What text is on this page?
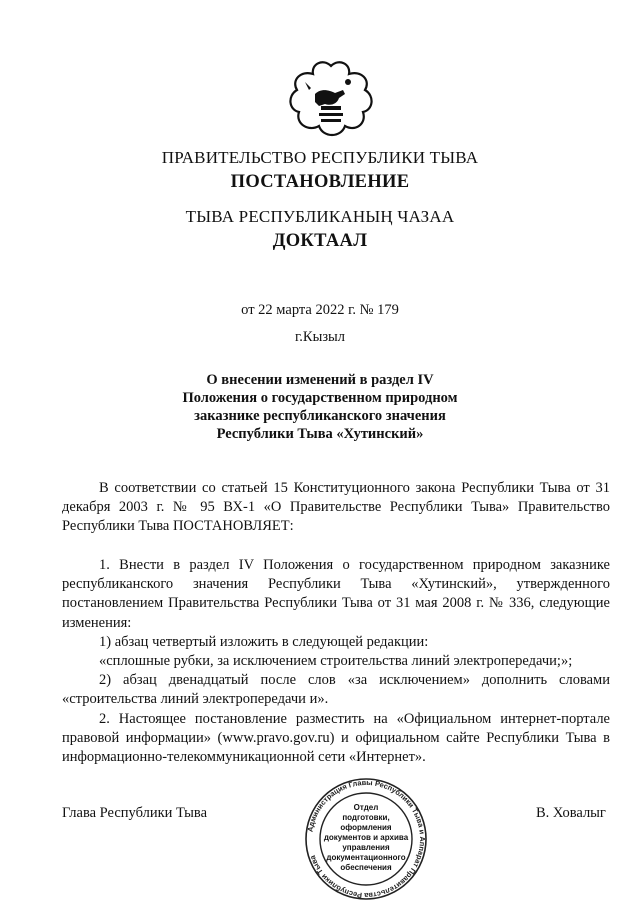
ПРАВИТЕЛЬСТВО РЕСПУБЛИКИ ТЫВА
ПОСТАНОВЛЕНИЕ
ТЫВА РЕСПУБЛИКАНЫҢ ЧАЗАА
ДОКТААЛ
от 22 марта 2022 г. № 179
г.Кызыл
О внесении изменений в раздел IV
Положения о государственном природном
заказнике республиканского значения
Республики Тыва «Хутинский»

В соответствии со статьей 15 Конституционного закона Республики Тыва от 31 декабря 2003 г. № 95 ВХ-1 «О Правительстве Республики Тыва» Правительство Республики Тыва ПОСТАНОВЛЯЕТ:

1. Внести в раздел IV Положения о государственном природном заказнике республиканского значения Республики Тыва «Хутинский», утвержденного постановлением Правительства Республики Тыва от 31 мая 2008 г. № 336, следующие изменения:

1) абзац четвертый изложить в следующей редакции:

«сплошные рубки, за исключением строительства линий электропередачи;»;

2) абзац двенадцатый после слов «за исключением» дополнить словами «строительства линий электропередачи и».

2. Настоящее постановление разместить на «Официальном интернет-портале правовой информации» (www.pravo.gov.ru) и официальном сайте Республики Тыва в информационно-телекоммуникационной сети «Интернет».

Глава Республики Тыва	В. Ховалыг
Администрация Главы Республики Тыва и Аппарат Правительства Республики Тыва
Отдел
подготовки,
оформления
документов и архива
управления
документационного
обеспечения
